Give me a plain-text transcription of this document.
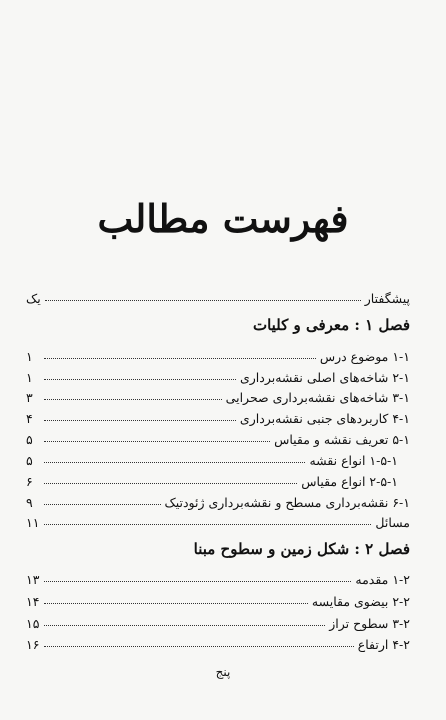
فهرست مطالب
پیشگفتار
یک
فصل ۱ : معرفی و کلیات
۱-۱ موضوع درس
۱
۲-۱ شاخه‌های اصلی نقشه‌برداری
۱
۳-۱ شاخه‌های نقشه‌برداری صحرایی
۳
۴-۱ کاربردهای جنبی نقشه‌برداری
۴
۵-۱ تعریف نقشه و مقیاس
۵
۱-۵-۱ انواع نقشه
۵
۲-۵-۱ انواع مقیاس
۶
۶-۱ نقشه‌برداری مسطح و نقشه‌برداری ژئودتیک
۹
مسائل
۱۱
فصل ۲ : شکل زمین و سطوح مبنا
۱-۲ مقدمه
۱۳
۲-۲ بیضوی مقایسه
۱۴
۳-۲ سطوح تراز
۱۵
۴-۲ ارتفاع
۱۶
پنج
